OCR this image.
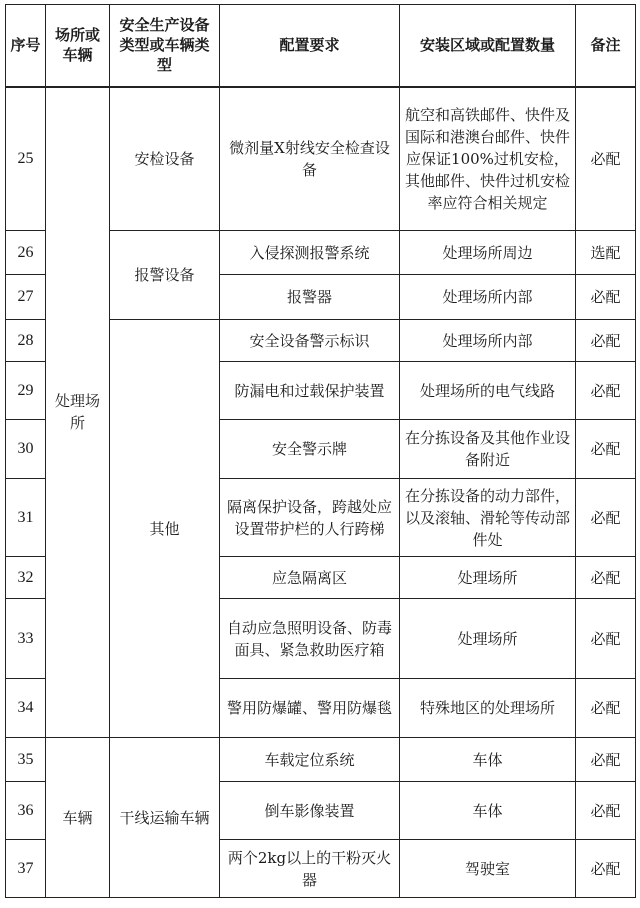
序号	场所或车辆	安全生产设备类型或车辆类型	配置要求	安装区域或配置数量	备注
25	处理场所	安检设备	微剂量X射线安全检查设备	航空和高铁邮件、快件及国际和港澳台邮件、快件应保证100%过机安检，其他邮件、快件过机安检率应符合相关规定	必配
26		报警设备	入侵探测报警系统	处理场所周边	选配
27			报警器	处理场所内部	必配
28		其他	安全设备警示标识	处理场所内部	必配
29			防漏电和过载保护装置	处理场所的电气线路	必配
30			安全警示牌	在分拣设备及其他作业设备附近	必配
31			隔离保护设备，跨越处应设置带护栏的人行跨梯	在分拣设备的动力部件，以及滚轴、滑轮等传动部件处	必配
32			应急隔离区	处理场所	必配
33			自动应急照明设备、防毒面具、紧急救助医疗箱	处理场所	必配
34			警用防爆罐、警用防爆毯	特殊地区的处理场所	必配
35	车辆	干线运输车辆	车载定位系统	车体	必配
36			倒车影像装置	车体	必配
37			两个2kg以上的干粉灭火器	驾驶室	必配
